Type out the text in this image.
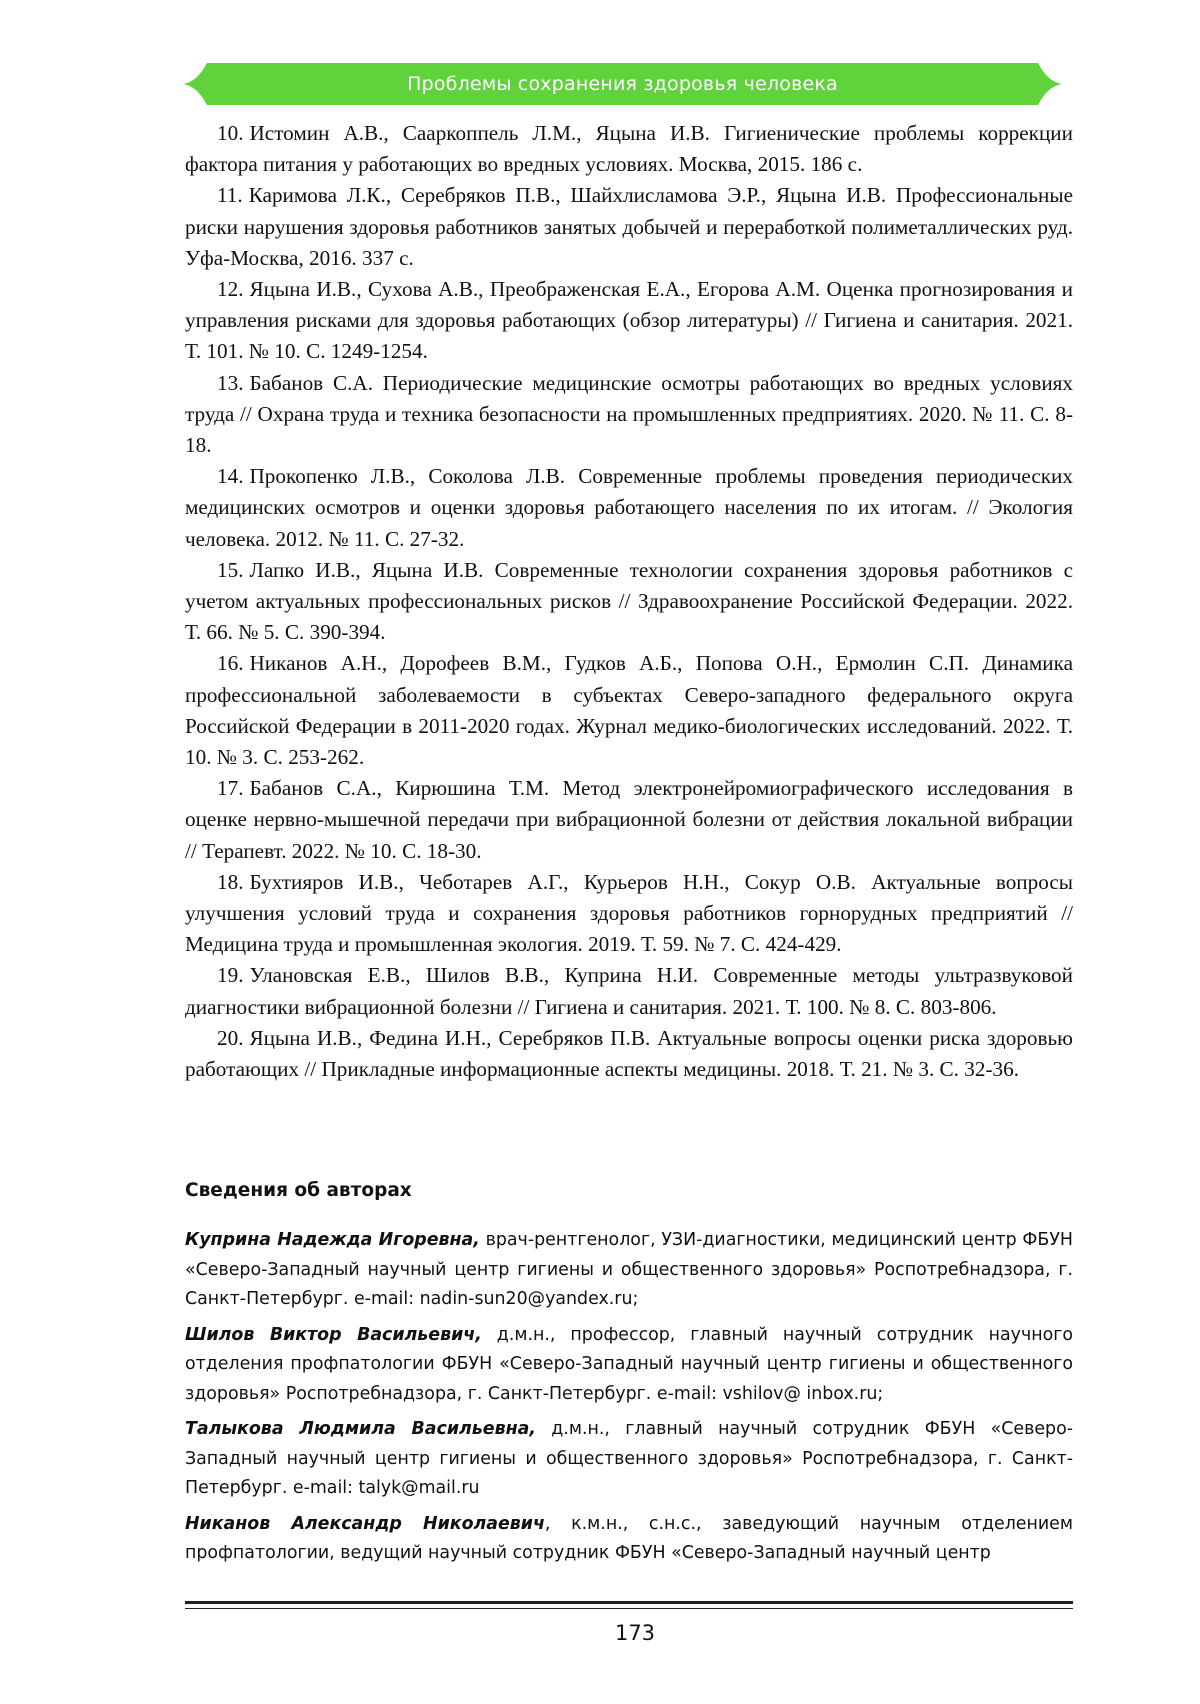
Проблемы сохранения здоровья человека

10. Истомин А.В., Сааркоппель Л.М., Яцына И.В. Гигиенические проблемы коррекции фактора питания у работающих во вредных условиях. Москва, 2015. 186 с.

11. Каримова Л.К., Серебряков П.В., Шайхлисламова Э.Р., Яцына И.В. Профессиональные риски нарушения здоровья работников занятых добычей и переработкой полиметаллических руд. Уфа-Москва, 2016. 337 с.

12. Яцына И.В., Сухова А.В., Преображенская Е.А., Егорова А.М. Оценка прогнозирования и управления рисками для здоровья работающих (обзор литературы) // Гигиена и санитария. 2021. Т. 101. № 10. С. 1249-1254.

13. Бабанов С.А. Периодические медицинские осмотры работающих во вредных условиях труда // Охрана труда и техника безопасности на промышленных предприятиях. 2020. № 11. С. 8-18.

14. Прокопенко Л.В., Соколова Л.В. Современные проблемы проведения периодических медицинских осмотров и оценки здоровья работающего населения по их итогам. // Экология человека. 2012. № 11. С. 27-32.

15. Лапко И.В., Яцына И.В. Современные технологии сохранения здоровья работников с учетом актуальных профессиональных рисков // Здравоохранение Российской Федерации. 2022. Т. 66. № 5. С. 390-394.

16. Никанов А.Н., Дорофеев В.М., Гудков А.Б., Попова О.Н., Ермолин С.П. Динамика профессиональной заболеваемости в субъектах Северо-западного федерального округа Российской Федерации в 2011-2020 годах. Журнал медико-биологических исследований. 2022. Т. 10. № 3. С. 253-262.

17. Бабанов С.А., Кирюшина Т.М. Метод электронейромиографического исследования в оценке нервно-мышечной передачи при вибрационной болезни от действия локальной вибрации // Терапевт. 2022. № 10. С. 18-30.

18. Бухтияров И.В., Чеботарев А.Г., Курьеров Н.Н., Сокур О.В. Актуальные вопросы улучшения условий труда и сохранения здоровья работников горнорудных предприятий // Медицина труда и промышленная экология. 2019. Т. 59. № 7. С. 424-429.

19. Улановская Е.В., Шилов В.В., Куприна Н.И. Современные методы ультразвуковой диагностики вибрационной болезни // Гигиена и санитария. 2021. Т. 100. № 8. С. 803-806.

20. Яцына И.В., Федина И.Н., Серебряков П.В. Актуальные вопросы оценки риска здоровью работающих // Прикладные информационные аспекты медицины. 2018. Т. 21. № 3. С. 32-36.

Сведения об авторах

Куприна Надежда Игоревна, врач-рентгенолог, УЗИ-диагностики, медицинский центр ФБУН «Северо-Западный научный центр гигиены и общественного здоровья» Роспотребнадзора, г. Санкт-Петербург. e-mail: nadin-sun20@yandex.ru;

Шилов Виктор Васильевич, д.м.н., профессор, главный научный сотрудник научного отделения профпатологии ФБУН «Северо-Западный научный центр гигиены и общественного здоровья» Роспотребнадзора, г. Санкт-Петербург. e-mail: vshilov@ inbox.ru;

Талыкова Людмила Васильевна, д.м.н., главный научный сотрудник ФБУН «Северо-Западный научный центр гигиены и общественного здоровья» Роспотребнадзора, г. Санкт-Петербург. e-mail: talyk@mail.ru

Никанов Александр Николаевич, к.м.н., с.н.с., заведующий научным отделением профпатологии, ведущий научный сотрудник ФБУН «Северо-Западный научный центр

173
